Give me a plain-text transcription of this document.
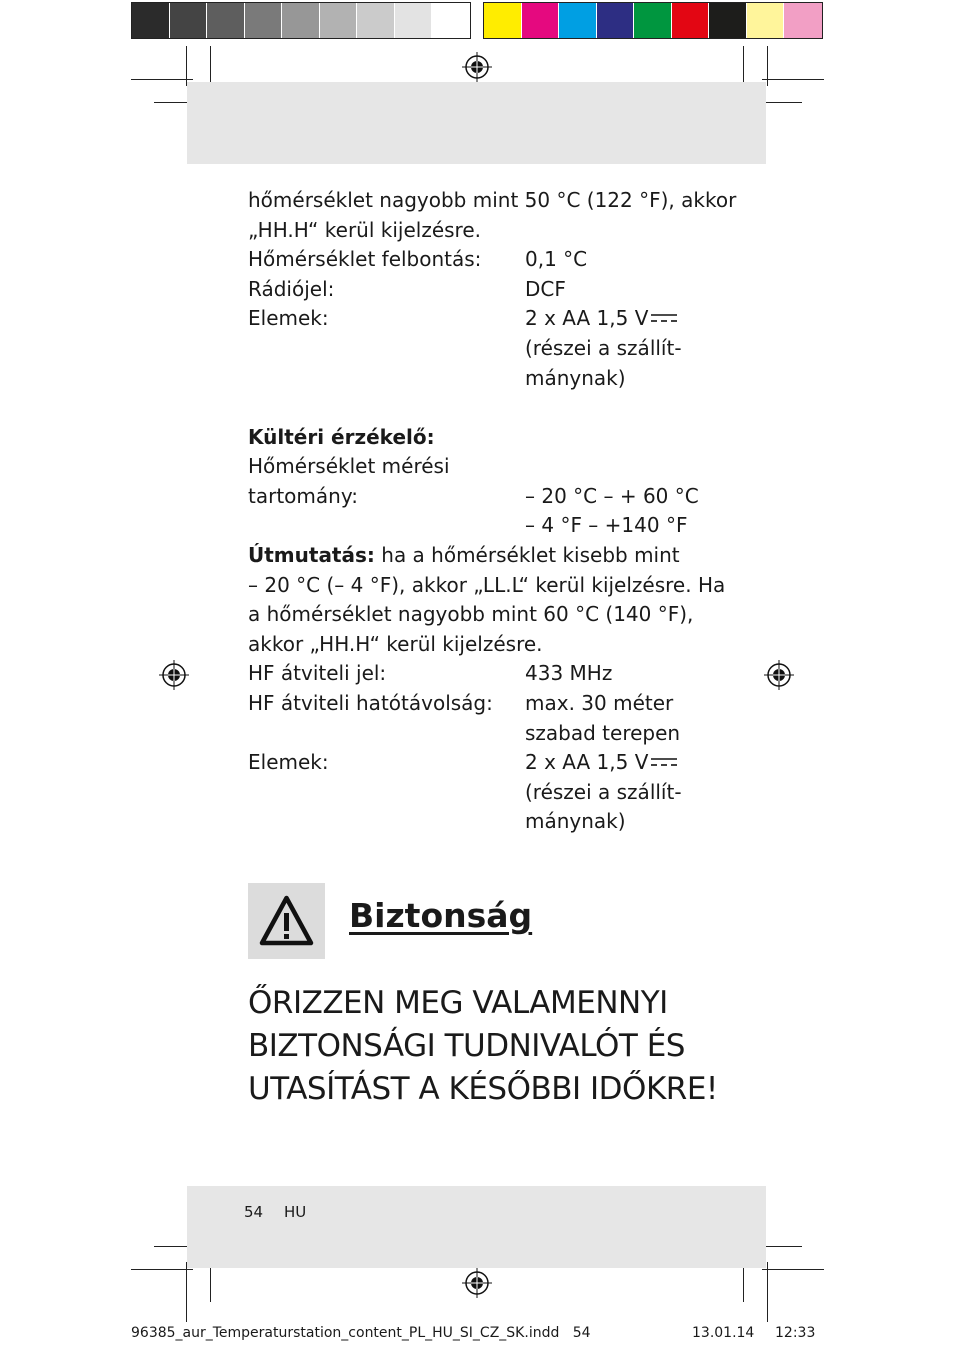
hőmérséklet nagyobb mint 50 °C (122 °F), akkor
„HH.H“ kerül kijelzésre.
Hőmérséklet felbontás: 0,1 °C
Rádiójel:	DCF
Elemek:	2 x AA 1,5 V
(részei a szállít-
mánynak)
Kültéri érzékelő:
Hőmérséklet mérési
tartomány:	– 20 °C – + 60 °C
– 4 °F – +140 °F
Útmutatás: ha a hőmérséklet kisebb mint
– 20 °C (– 4 °F), akkor „LL.L“ kerül kijelzésre. Ha
a hőmérséklet nagyobb mint 60 °C (140 °F),
akkor „HH.H“ kerül kijelzésre.
HF átviteli jel:	433 MHz
HF átviteli hatótávolság: max. 30 méter
szabad terepen
Elemek:	2 x AA 1,5 V
(részei a szállít-
mánynak)
Biztonság
ŐRIZZEN MEG VALAMENNYI
BIZTONSÁGI TUDNIVALÓT ÉS
UTASÍTÁST A KÉSŐBBI IDŐKRE!
54 HU
96385_aur_Temperaturstation_content_PL_HU_SI_CZ_SK.indd   54	13.01.14 12:33
